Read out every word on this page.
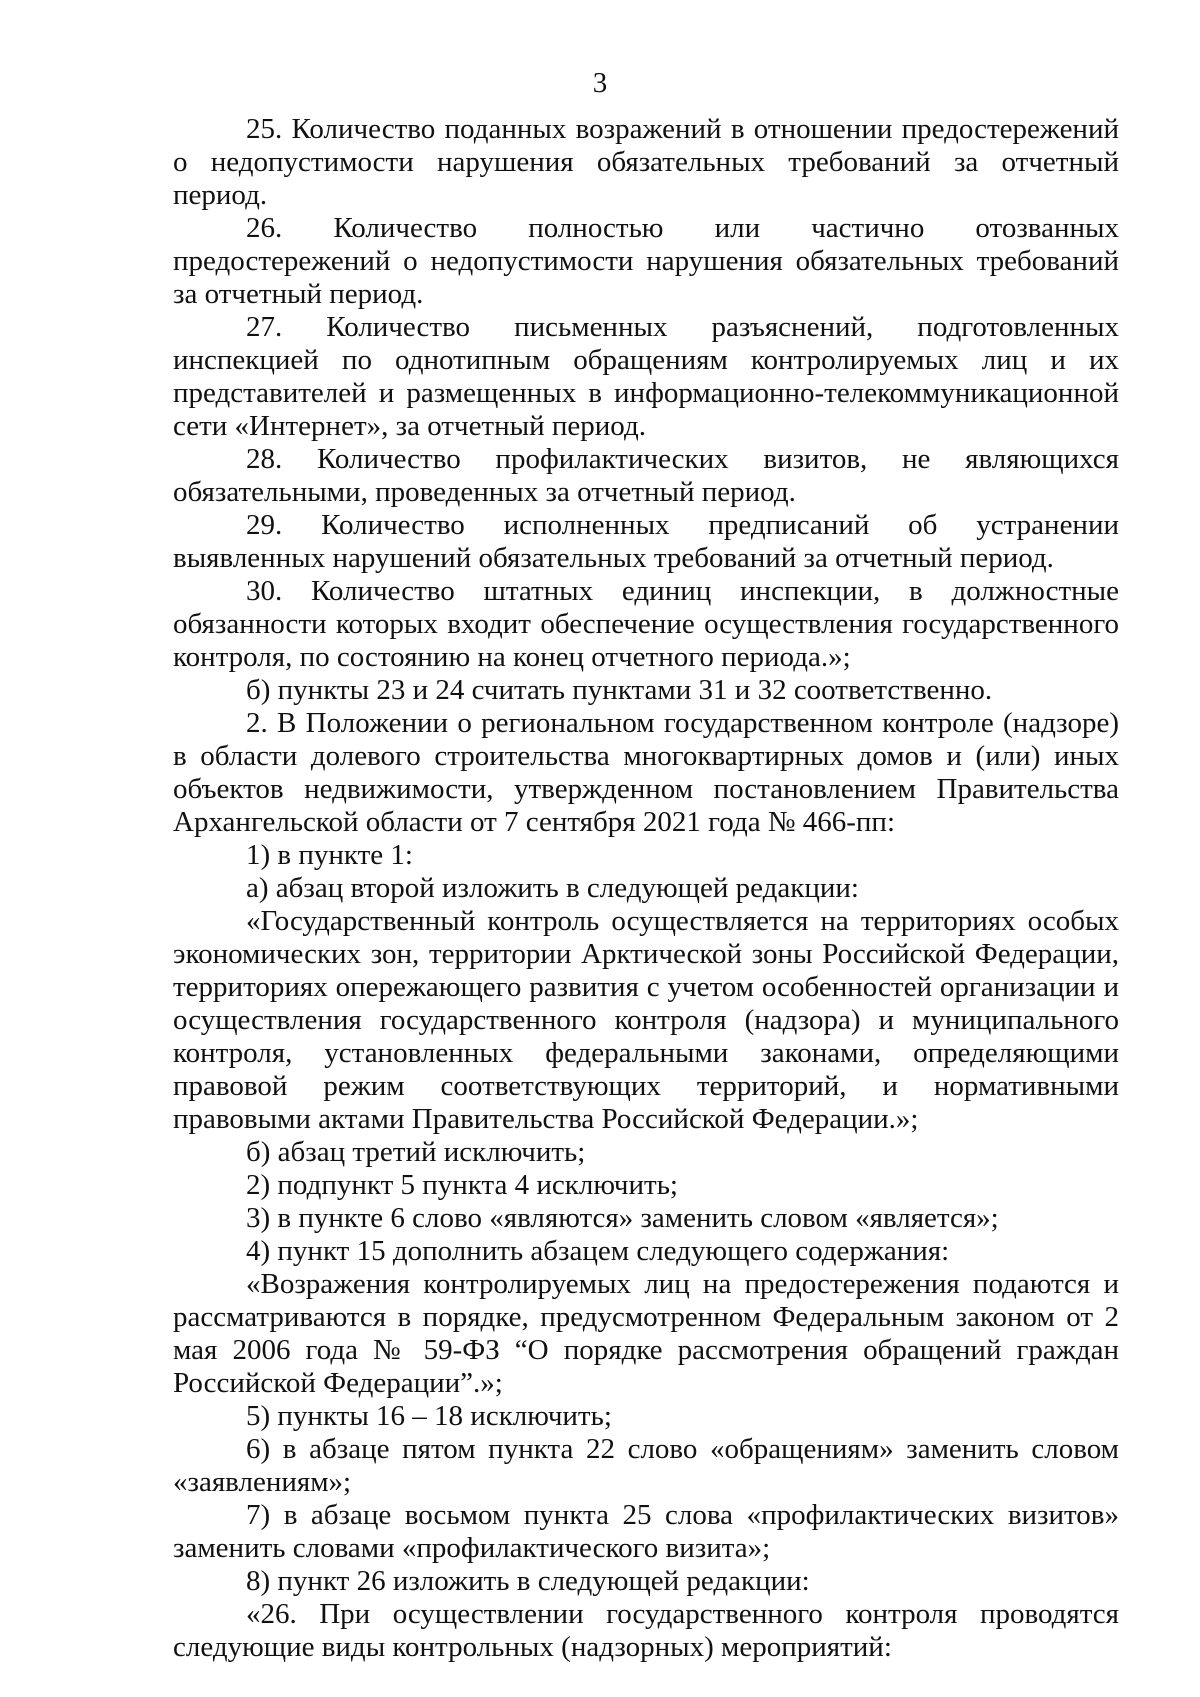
3

25. Количество поданных возражений в отношении предостережений о недопустимости нарушения обязательных требований за отчетный период.

26. Количество полностью или частично отозванных предостережений о недопустимости нарушения обязательных требований за отчетный период.

27. Количество письменных разъяснений, подготовленных инспекцией по однотипным обращениям контролируемых лиц и их представителей и размещенных в информационно-телекоммуникационной сети «Интернет», за отчетный период.

28. Количество профилактических визитов, не являющихся обязательными, проведенных за отчетный период.

29. Количество исполненных предписаний об устранении выявленных нарушений обязательных требований за отчетный период.

30. Количество штатных единиц инспекции, в должностные обязанности которых входит обеспечение осуществления государственного контроля, по состоянию на конец отчетного периода.»;

б) пункты 23 и 24 считать пунктами 31 и 32 соответственно.

2. В Положении о региональном государственном контроле (надзоре) в области долевого строительства многоквартирных домов и (или) иных объектов недвижимости, утвержденном постановлением Правительства Архангельской области от 7 сентября 2021 года № 466-пп:

1) в пункте 1:

а) абзац второй изложить в следующей редакции:

«Государственный контроль осуществляется на территориях особых экономических зон, территории Арктической зоны Российской Федерации, территориях опережающего развития с учетом особенностей организации и осуществления государственного контроля (надзора) и муниципального контроля, установленных федеральными законами, определяющими правовой режим соответствующих территорий, и нормативными правовыми актами Правительства Российской Федерации.»;

б) абзац третий исключить;

2) подпункт 5 пункта 4 исключить;

3) в пункте 6 слово «являются» заменить словом «является»;

4) пункт 15 дополнить абзацем следующего содержания:

«Возражения контролируемых лиц на предостережения подаются и рассматриваются в порядке, предусмотренном Федеральным законом от 2 мая 2006 года № 59-ФЗ “О порядке рассмотрения обращений граждан Российской Федерации”.»;

5) пункты 16 – 18 исключить;

6) в абзаце пятом пункта 22 слово «обращениям» заменить словом «заявлениям»;

7) в абзаце восьмом пункта 25 слова «профилактических визитов» заменить словами «профилактического визита»;

8) пункт 26 изложить в следующей редакции:

«26. При осуществлении государственного контроля проводятся следующие виды контрольных (надзорных) мероприятий:
